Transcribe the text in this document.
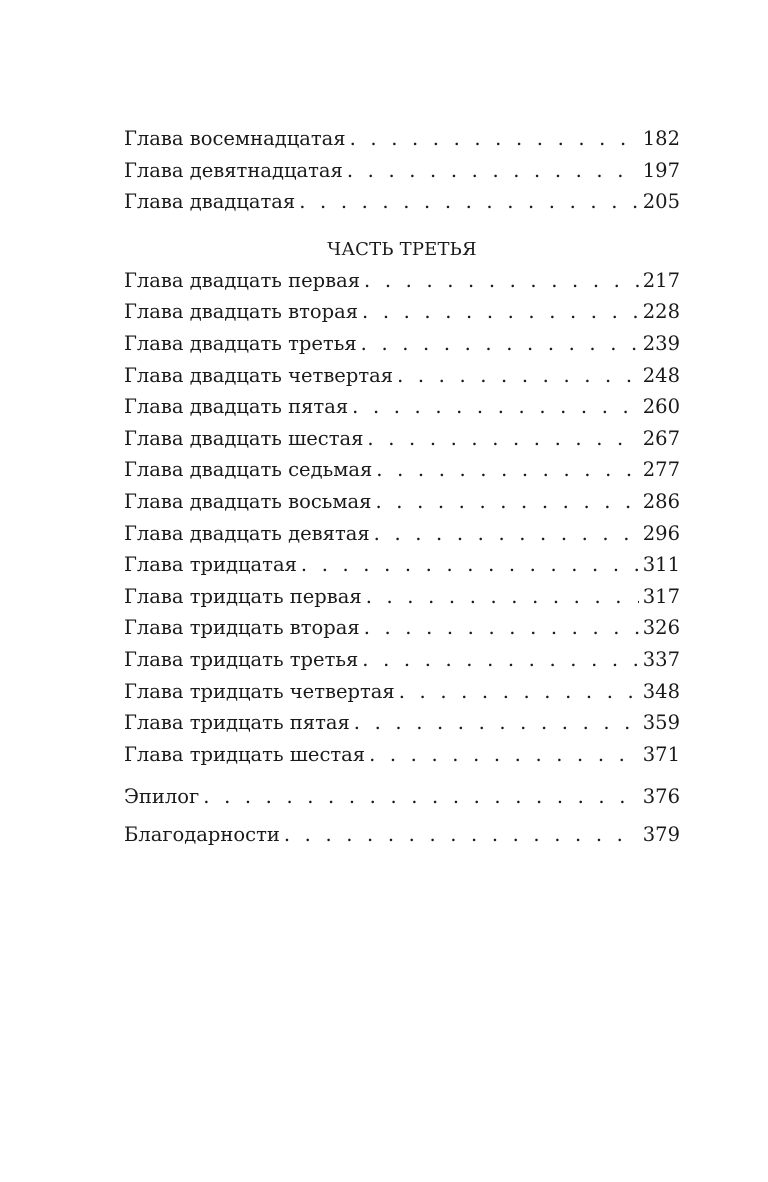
Глава восемнадцатая . . .	182
Глава девятнадцатая . . .	197
Глава двадцатая . . .	205
ЧАСТЬ ТРЕТЬЯ
Глава двадцать первая . . .	217
Глава двадцать вторая . . .	228
Глава двадцать третья . . .	239
Глава двадцать четвертая . . .	248
Глава двадцать пятая . . .	260
Глава двадцать шестая . . .	267
Глава двадцать седьмая . . .	277
Глава двадцать восьмая . . .	286
Глава двадцать девятая . . .	296
Глава тридцатая . . .	311
Глава тридцать первая . . .	317
Глава тридцать вторая . . .	326
Глава тридцать третья . . .	337
Глава тридцать четвертая . . .	348
Глава тридцать пятая . . .	359
Глава тридцать шестая . . .	371
Эпилог . . .	376
Благодарности . . .	379
